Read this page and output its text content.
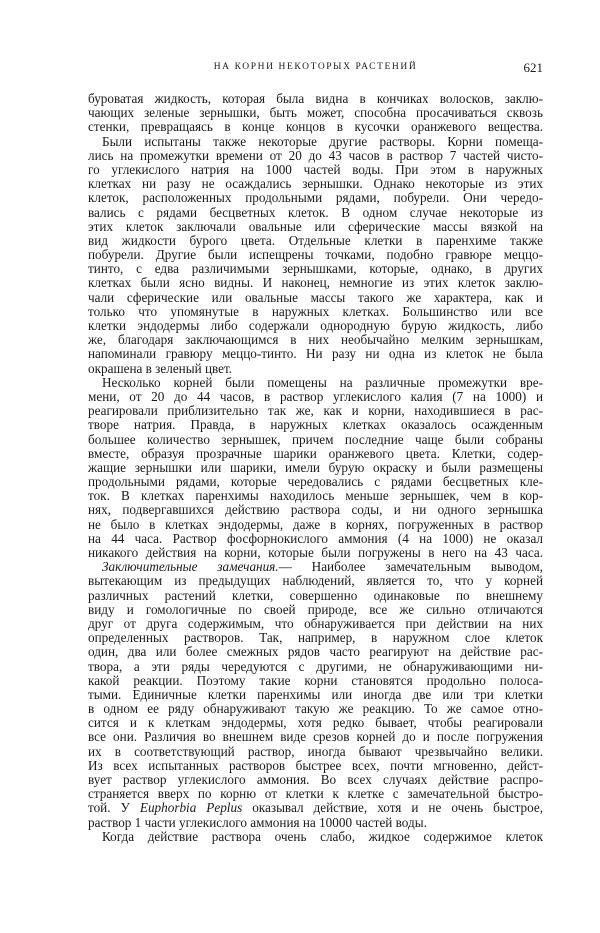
НА КОРНИ НЕКОТОРЫХ РАСТЕНИЙ	621
буроватая жидкость, которая была видна в кончиках волосков, заклю-
чающих зеленые зернышки, быть может, способна просачиваться сквозь
стенки, превращаясь в конце концов в кусочки оранжевого вещества.
Были испытаны также некоторые другие растворы. Корни помеща-
лись на промежутки времени от 20 до 43 часов в раствор 7 частей чисто-
го углекислого натрия на 1000 частей воды. При этом в наружных
клетках ни разу не осаждались зернышки. Однако некоторые из этих
клеток, расположенных продольными рядами, побурели. Они чередо-
вались с рядами бесцветных клеток. В одном случае некоторые из
этих клеток заключали овальные или сферические массы вязкой на
вид жидкости бурого цвета. Отдельные клетки в паренхиме также
побурели. Другие были испещрены точками, подобно гравюре меццо-
тинто, с едва различимыми зернышками, которые, однако, в других
клетках были ясно видны. И наконец, немногие из этих клеток заклю-
чали сферические или овальные массы такого же характера, как и
только что упомянутые в наружных клетках. Большинство или все
клетки эндодермы либо содержали однородную бурую жидкость, либо
же, благодаря заключающимся в них необычайно мелким зернышкам,
напоминали гравюру меццо-тинто. Ни разу ни одна из клеток не была
окрашена в зеленый цвет.
Несколько корней были помещены на различные промежутки вре-
мени, от 20 до 44 часов, в раствор углекислого калия (7 на 1000) и
реагировали приблизительно так же, как и корни, находившиеся в рас-
творе натрия. Правда, в наружных клетках оказалось осажденным
большее количество зернышек, причем последние чаще были собраны
вместе, образуя прозрачные шарики оранжевого цвета. Клетки, содер-
жащие зернышки или шарики, имели бурую окраску и были размещены
продольными рядами, которые чередовались с рядами бесцветных кле-
ток. В клетках паренхимы находилось меньше зернышек, чем в кор-
нях, подвергавшихся действию раствора соды, и ни одного зернышка
не было в клетках эндодермы, даже в корнях, погруженных в раствор
на 44 часа. Раствор фосфорнокислого аммония (4 на 1000) не оказал
никакого действия на корни, которые были погружены в него на 43 часа.
Заключительные замечания.— Наиболее замечательным выводом,
вытекающим из предыдущих наблюдений, является то, что у корней
различных растений клетки, совершенно одинаковые по внешнему
виду и гомологичные по своей природе, все же сильно отличаются
друг от друга содержимым, что обнаруживается при действии на них
определенных растворов. Так, например, в наружном слое клеток
один, два или более смежных рядов часто реагируют на действие рас-
твора, а эти ряды чередуются с другими, не обнаруживающими ни-
какой реакции. Поэтому такие корни становятся продольно полоса-
тыми. Единичные клетки паренхимы или иногда две или три клетки
в одном ее ряду обнаруживают такую же реакцию. То же самое отно-
сится и к клеткам эндодермы, хотя редко бывает, чтобы реагировали
все они. Различия во внешнем виде срезов корней до и после погружения
их в соответствующий раствор, иногда бывают чрезвычайно велики.
Из всех испытанных растворов быстрее всех, почти мгновенно, дейст-
вует раствор углекислого аммония. Во всех случаях действие распро-
страняется вверх по корню от клетки к клетке с замечательной быстро-
той. У Euphorbia Peplus оказывал действие, хотя и не очень быстрое,
раствор 1 части углекислого аммония на 10000 частей воды.
Когда действие раствора очень слабо, жидкое содержимое клеток
